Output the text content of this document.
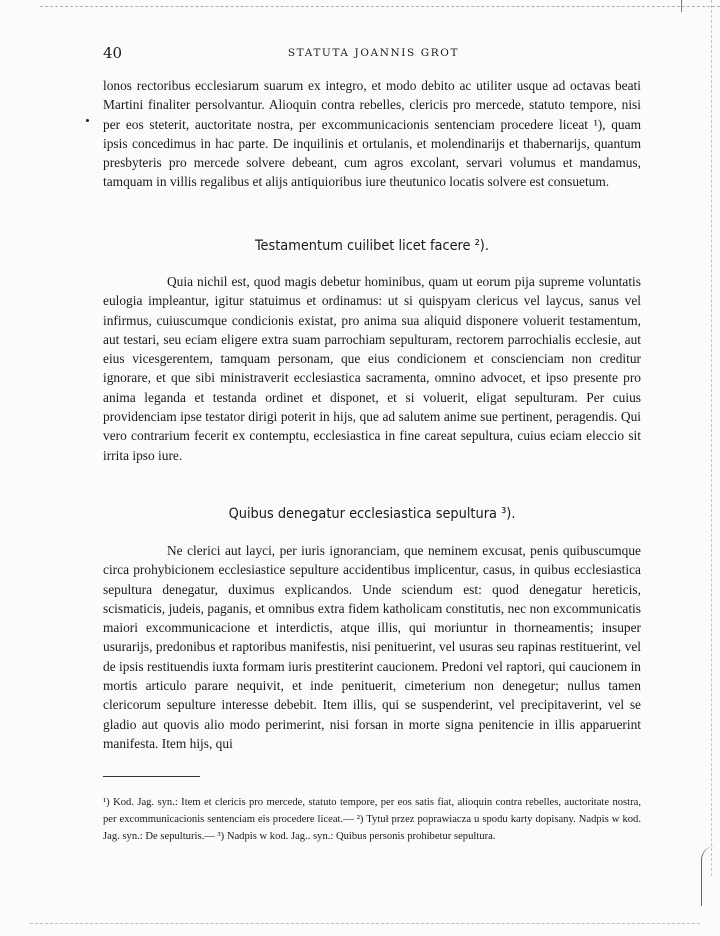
40	STATUTA JOANNIS GROT
lonos rectoribus ecclesiarum suarum ex integro, et modo debito ac utiliter usque ad octavas beati Martini finaliter persolvantur. Alioquin contra rebelles, clericis pro mercede, statuto tempore, nisi per eos steterit, auctoritate nostra, per excommunicacionis sentenciam procedere liceat ¹), quam ipsis concedimus in hac parte. De inquilinis et ortulanis, et molendinarijs et thabernarijs, quantum presbyteris pro mercede solvere debeant, cum agros excolant, servari volumus et mandamus, tamquam in villis regalibus et alijs antiquioribus iure theutunico locatis solvere est consuetum.
Testamentum cuilibet licet facere ²).
Quia nichil est, quod magis debetur hominibus, quam ut eorum pija supreme voluntatis eulogia impleantur, igitur statuimus et ordinamus: ut si quispyam clericus vel laycus, sanus vel infirmus, cuiuscumque condicionis existat, pro anima sua aliquid disponere voluerit testamentum, aut testari, seu eciam eligere extra suam parrochiam sepulturam, rectorem parrochialis ecclesie, aut eius vicesgerentem, tamquam personam, que eius condicionem et conscienciam non creditur ignorare, et que sibi ministraverit ecclesiastica sacramenta, omnino advocet, et ipso presente pro anima leganda et testanda ordinet et disponet, et si voluerit, eligat sepulturam. Per cuius providenciam ipse testator dirigi poterit in hijs, que ad salutem anime sue pertinent, peragendis. Qui vero contrarium fecerit ex contemptu, ecclesiastica in fine careat sepultura, cuius eciam eleccio sit irrita ipso iure.
Quibus denegatur ecclesiastica sepultura ³).
Ne clerici aut layci, per iuris ignoranciam, que neminem excusat, penis quibuscumque circa prohybicionem ecclesiastice sepulture accidentibus implicentur, casus, in quibus ecclesiastica sepultura denegatur, duximus explicandos. Unde sciendum est: quod denegatur hereticis, scismaticis, judeis, paganis, et omnibus extra fidem katholicam constitutis, nec non excommunicatis maiori excommunicacione et interdictis, atque illis, qui moriuntur in thorneamentis; insuper usurarijs, predonibus et raptoribus manifestis, nisi penituerint, vel usuras seu rapinas restituerint, vel de ipsis restituendis iuxta formam iuris prestiterint caucionem. Predoni vel raptori, qui caucionem in mortis articulo parare nequivit, et inde penituerit, cimeterium non denegetur; nullus tamen clericorum sepulture interesse debebit. Item illis, qui se suspenderint, vel precipitaverint, vel se gladio aut quovis alio modo perimerint, nisi forsan in morte signa penitencie in illis apparuerint manifesta. Item hijs, qui
¹) Kod. Jag. syn.: Item et clericis pro mercede, statuto tempore, per eos satis fiat, alioquin contra rebelles, auctoritate nostra, per excommunicacionis sentenciam eis procedere liceat.— ²) Tytuł przez poprawiacza u spodu karty dopisany. Nadpis w kod. Jag. syn.: De sepulturis.— ³) Nadpis w kod. Jag.. syn.: Quibus personis prohibetur sepultura.
